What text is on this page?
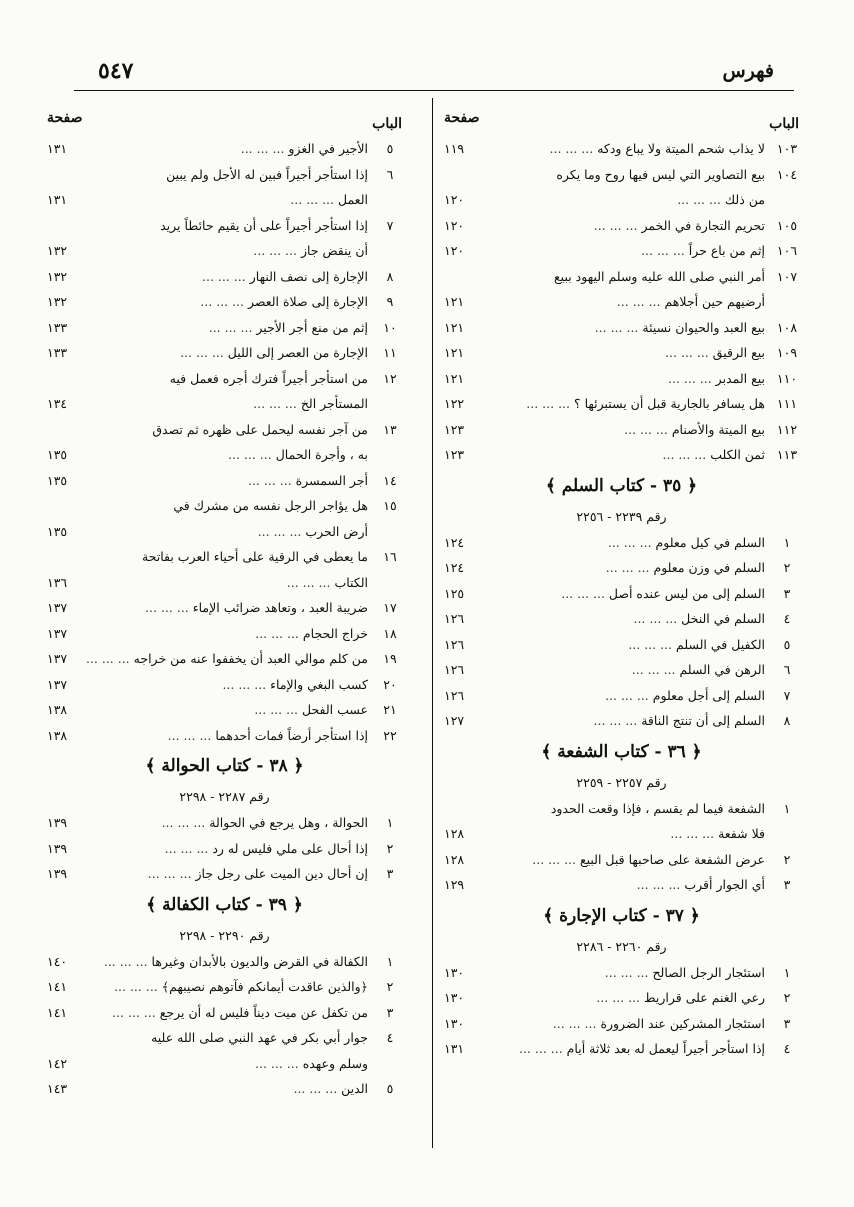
٥٤٧	فهرس
الباب
صفحة
١٠٣
لا يذاب شحم الميتة ولا يباع ودكه ... ... ...
١١٩
١٠٤
بيع التصاوير التي ليس فيها روح وما يكره
من ذلك ... ... ...
١٢٠
١٠٥
تحريم التجارة في الخمر ... ... ...
١٢٠
١٠٦
إثم من باع حراً ... ... ...
١٢٠
١٠٧
أمر النبي صلى الله عليه وسلم اليهود ببيع
أرضيهم حين أجلاهم ... ... ...
١٢١
١٠٨
بيع العبد والحيوان نسيئة ... ... ...
١٢١
١٠٩
بيع الرقيق ... ... ...
١٢١
١١٠
بيع المدبر ... ... ...
١٢١
١١١
هل يسافر بالجارية قبل أن يستبرئها ؟ ... ... ...
١٢٢
١١٢
بيع الميتة والأصنام ... ... ...
١٢٣
١١٣
ثمن الكلب ... ... ...
١٢٣
﴿ ٣٥ - كتاب السلم ﴾
رقم ٢٢٣٩ - ٢٢٥٦
١
السلم في كيل معلوم ... ... ...
١٢٤
٢
السلم في وزن معلوم ... ... ...
١٢٤
٣
السلم إلى من ليس عنده أصل ... ... ...
١٢٥
٤
السلم في النخل ... ... ...
١٢٦
٥
الكفيل في السلم ... ... ...
١٢٦
٦
الرهن في السلم ... ... ...
١٢٦
٧
السلم إلى أجل معلوم ... ... ...
١٢٦
٨
السلم إلى أن تنتج الناقة ... ... ...
١٢٧
﴿ ٣٦ - كتاب الشفعة ﴾
رقم ٢٢٥٧ - ٢٢٥٩
١
الشفعة فيما لم يقسم ، فإذا وقعت الحدود
فلا شفعة ... ... ...
١٢٨
٢
عرض الشفعة على صاحبها قبل البيع ... ... ...
١٢٨
٣
أي الجوار أقرب ... ... ...
١٢٩
﴿ ٣٧ - كتاب الإجارة ﴾
رقم ٢٢٦٠ - ٢٢٨٦
١
استئجار الرجل الصالح ... ... ...
١٣٠
٢
رعي الغنم على قراريط ... ... ...
١٣٠
٣
استئجار المشركين عند الضرورة ... ... ...
١٣٠
٤
إذا استأجر أجيراً ليعمل له بعد ثلاثة أيام ... ... ...
١٣١
الباب
صفحة
٥
الأجير في الغزو ... ... ...
١٣١
٦
إذا استأجر أجيراً فبين له الأجل ولم يبين
العمل ... ... ...
١٣١
٧
إذا استأجر أجيراً على أن يقيم حائطاً يريد
أن ينقض جاز ... ... ...
١٣٢
٨
الإجارة إلى نصف النهار ... ... ...
١٣٢
٩
الإجارة إلى صلاة العصر ... ... ...
١٣٢
١٠
إثم من منع أجر الأجير ... ... ...
١٣٣
١١
الإجارة من العصر إلى الليل ... ... ...
١٣٣
١٢
من استأجر أجيراً فترك أجره فعمل فيه
المستأجر الخ ... ... ...
١٣٤
١٣
من آجر نفسه ليحمل على ظهره ثم تصدق
به ، وأجرة الحمال ... ... ...
١٣٥
١٤
أجر السمسرة ... ... ...
١٣٥
١٥
هل يؤاجر الرجل نفسه من مشرك في
أرض الحرب ... ... ...
١٣٥
١٦
ما يعطى في الرقية على أحياء العرب بفاتحة
الكتاب ... ... ...
١٣٦
١٧
ضريبة العبد ، وتعاهد ضرائب الإماء ... ... ...
١٣٧
١٨
خراج الحجام ... ... ...
١٣٧
١٩
من كلم موالي العبد أن يخففوا عنه من خراجه ... ... ...
١٣٧
٢٠
كسب البغي والإماء ... ... ...
١٣٧
٢١
عسب الفحل ... ... ...
١٣٨
٢٢
إذا استأجر أرضاً فمات أحدهما ... ... ...
١٣٨
﴿ ٣٨ - كتاب الحوالة ﴾
رقم ٢٢٨٧ - ٢٢٩٨
١
الحوالة ، وهل يرجع في الحوالة ... ... ...
١٣٩
٢
إذا أحال على ملي فليس له رد ... ... ...
١٣٩
٣
إن أحال دين الميت على رجل جاز ... ... ...
١٣٩
﴿ ٣٩ - كتاب الكفالة ﴾
رقم ٢٢٩٠ - ٢٢٩٨
١
الكفالة في القرض والديون بالأبدان وغيرها ... ... ...
١٤٠
٢
﴿والذين عاقدت أيمانكم فآتوهم نصيبهم﴾ ... ... ...
١٤١
٣
من تكفل عن ميت ديناً فليس له أن يرجع ... ... ...
١٤١
٤
جوار أبي بكر في عهد النبي صلى الله عليه
وسلم وعهده ... ... ...
١٤٢
٥
الدين ... ... ...
١٤٣
